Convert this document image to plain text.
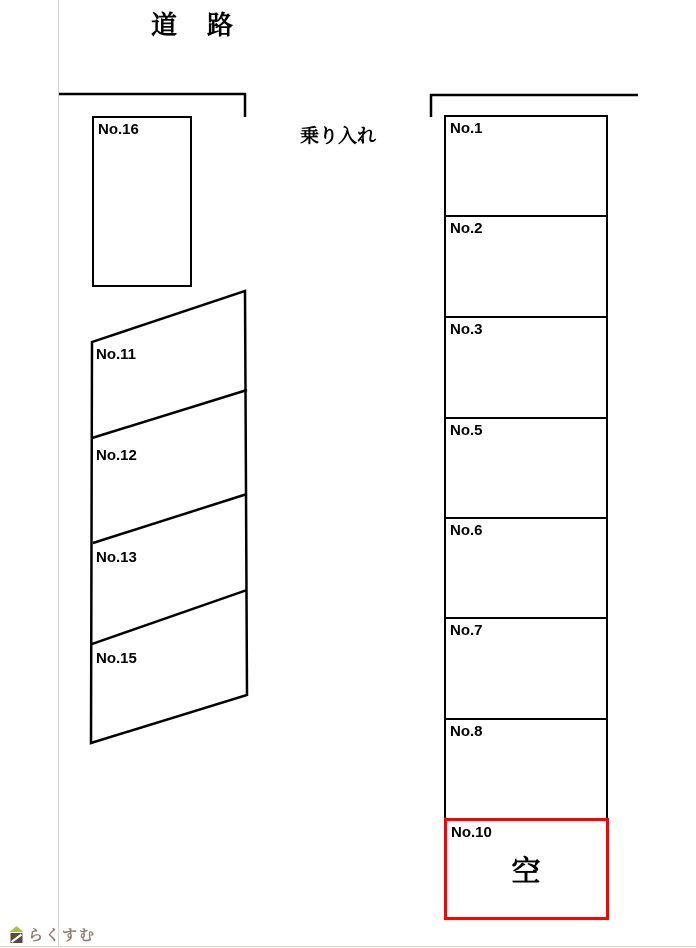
道　路
乗り入れ
No.16
No.11
No.12
No.13
No.15
No.1
No.2
No.3
No.5
No.6
No.7
No.8
No.10
空
らくすむ
